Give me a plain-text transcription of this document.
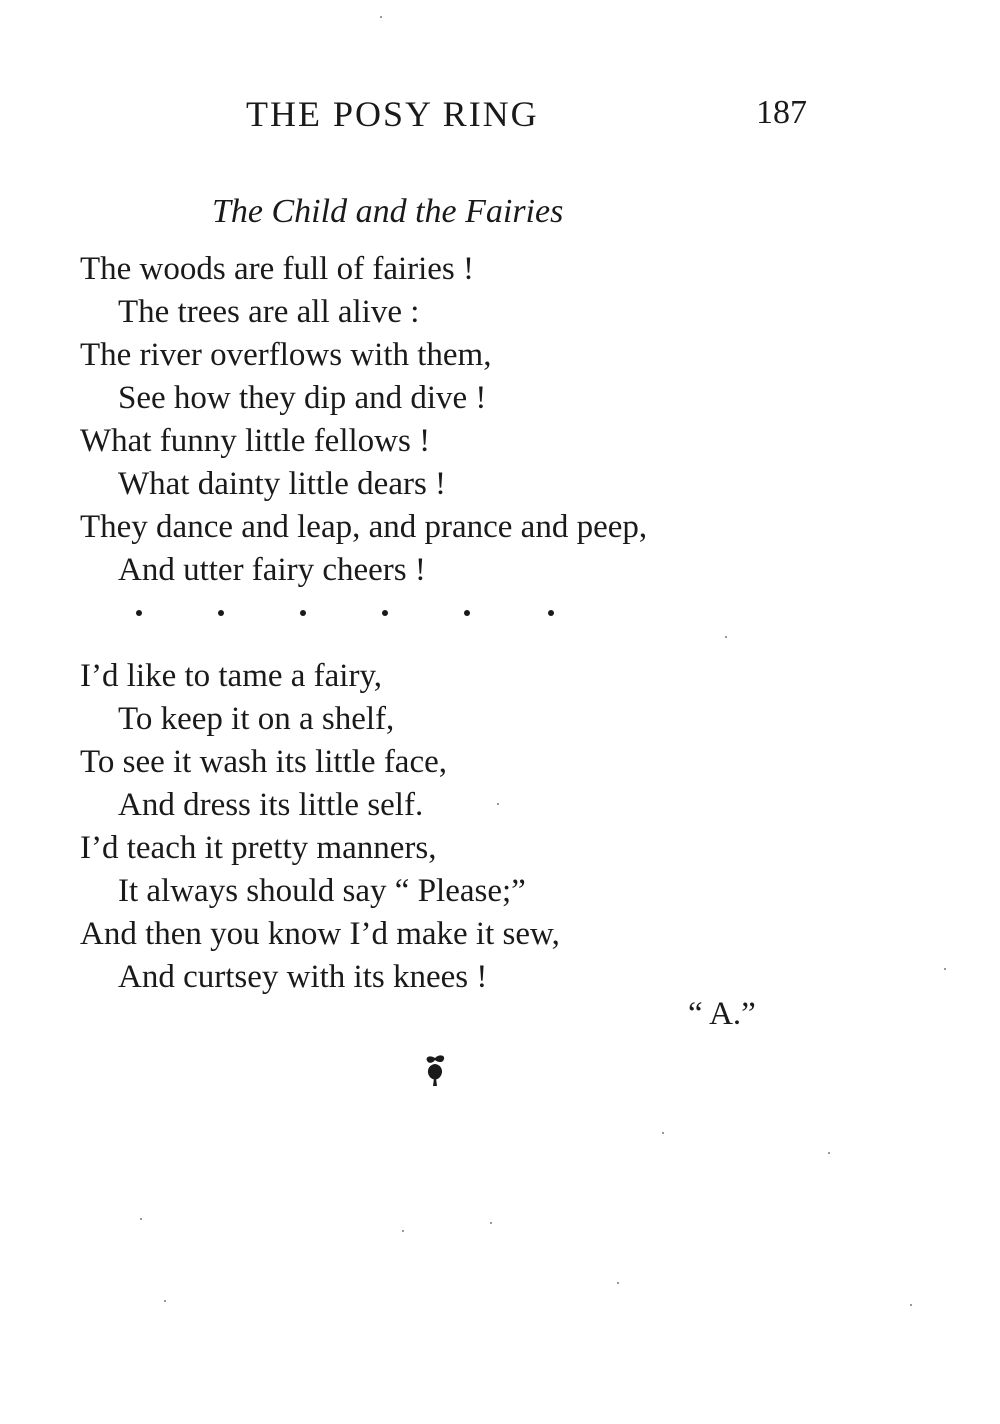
THE POSY RING	187
The Child and the Fairies
The woods are full of fairies !
The trees are all alive :
The river overflows with them,
See how they dip and dive !
What funny little fellows !
What dainty little dears !
They dance and leap, and prance and peep,
And utter fairy cheers !
I’d like to tame a fairy,
To keep it on a shelf,
To see it wash its little face,
And dress its little self.
I’d teach it pretty manners,
It always should say “ Please;”
And then you know I’d make it sew,
And curtsey with its knees !
“ A.”
